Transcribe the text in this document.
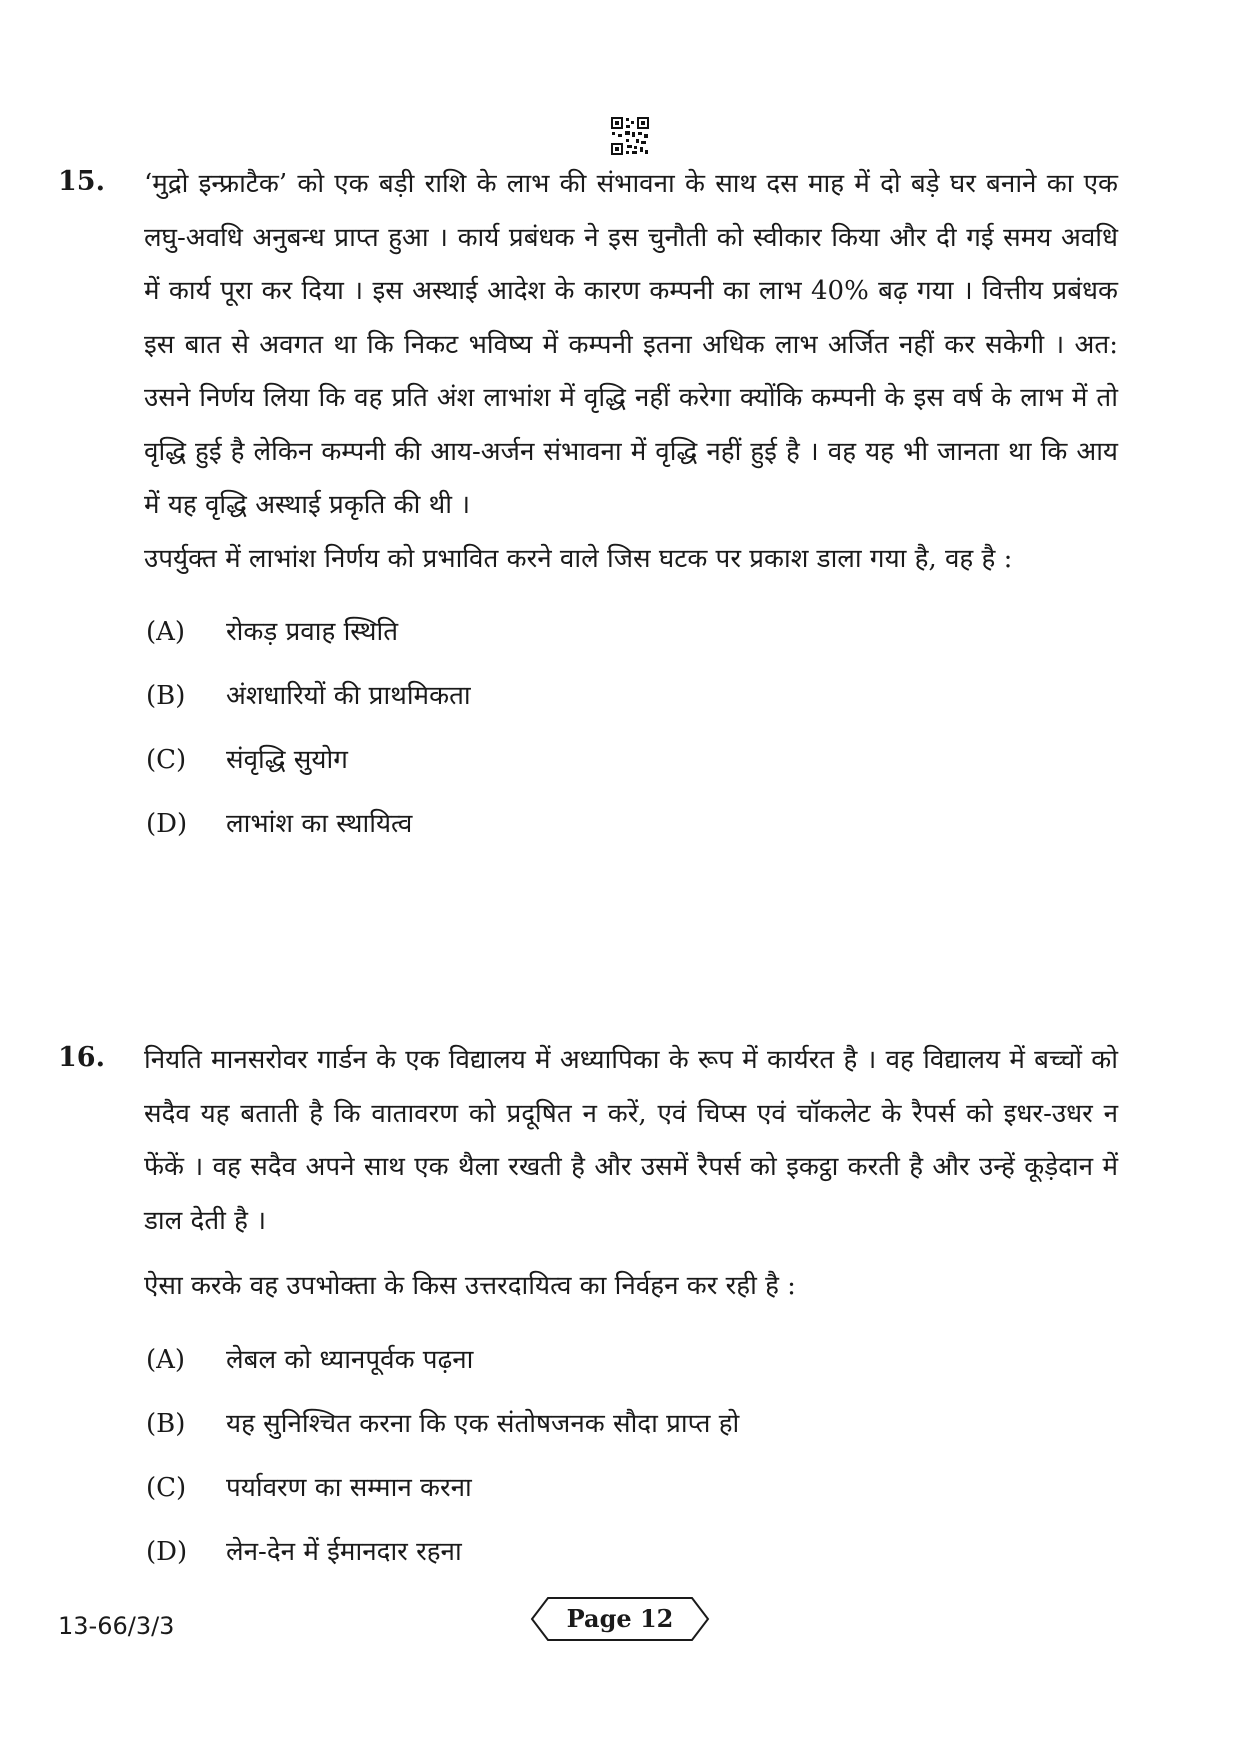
15. ‘मुद्रो इन्फ्राटैक’ को एक बड़ी राशि के लाभ की संभावना के साथ दस माह में दो बड़े घर बनाने का एक लघु-अवधि अनुबन्ध प्राप्त हुआ । कार्य प्रबंधक ने इस चुनौती को स्वीकार किया और दी गई समय अवधि में कार्य पूरा कर दिया । इस अस्थाई आदेश के कारण कम्पनी का लाभ 40% बढ़ गया । वित्तीय प्रबंधक इस बात से अवगत था कि निकट भविष्य में कम्पनी इतना अधिक लाभ अर्जित नहीं कर सकेगी । अत: उसने निर्णय लिया कि वह प्रति अंश लाभांश में वृद्धि नहीं करेगा क्योंकि कम्पनी के इस वर्ष के लाभ में तो वृद्धि हुई है लेकिन कम्पनी की आय-अर्जन संभावना में वृद्धि नहीं हुई है । वह यह भी जानता था कि आय में यह वृद्धि अस्थाई प्रकृति की थी ।

उपर्युक्त में लाभांश निर्णय को प्रभावित करने वाले जिस घटक पर प्रकाश डाला गया है, वह है :

(A)	रोकड़ प्रवाह स्थिति
(B)	अंशधारियों की प्राथमिकता
(C)	संवृद्धि सुयोग
(D)	लाभांश का स्थायित्व
16. नियति मानसरोवर गार्डन के एक विद्यालय में अध्यापिका के रूप में कार्यरत है । वह विद्यालय में बच्चों को सदैव यह बताती है कि वातावरण को प्रदूषित न करें, एवं चिप्स एवं चॉकलेट के रैपर्स को इधर-उधर न फेंकें । वह सदैव अपने साथ एक थैला रखती है और उसमें रैपर्स को इकट्ठा करती है और उन्हें कूड़ेदान में डाल देती है ।

ऐसा करके वह उपभोक्ता के किस उत्तरदायित्व का निर्वहन कर रही है :

(A)	लेबल को ध्यानपूर्वक पढ़ना
(B)	यह सुनिश्चित करना कि एक संतोषजनक सौदा प्राप्त हो
(C)	पर्यावरण का सम्मान करना
(D)	लेन-देन में ईमानदार रहना
13-66/3/3	Page 12
